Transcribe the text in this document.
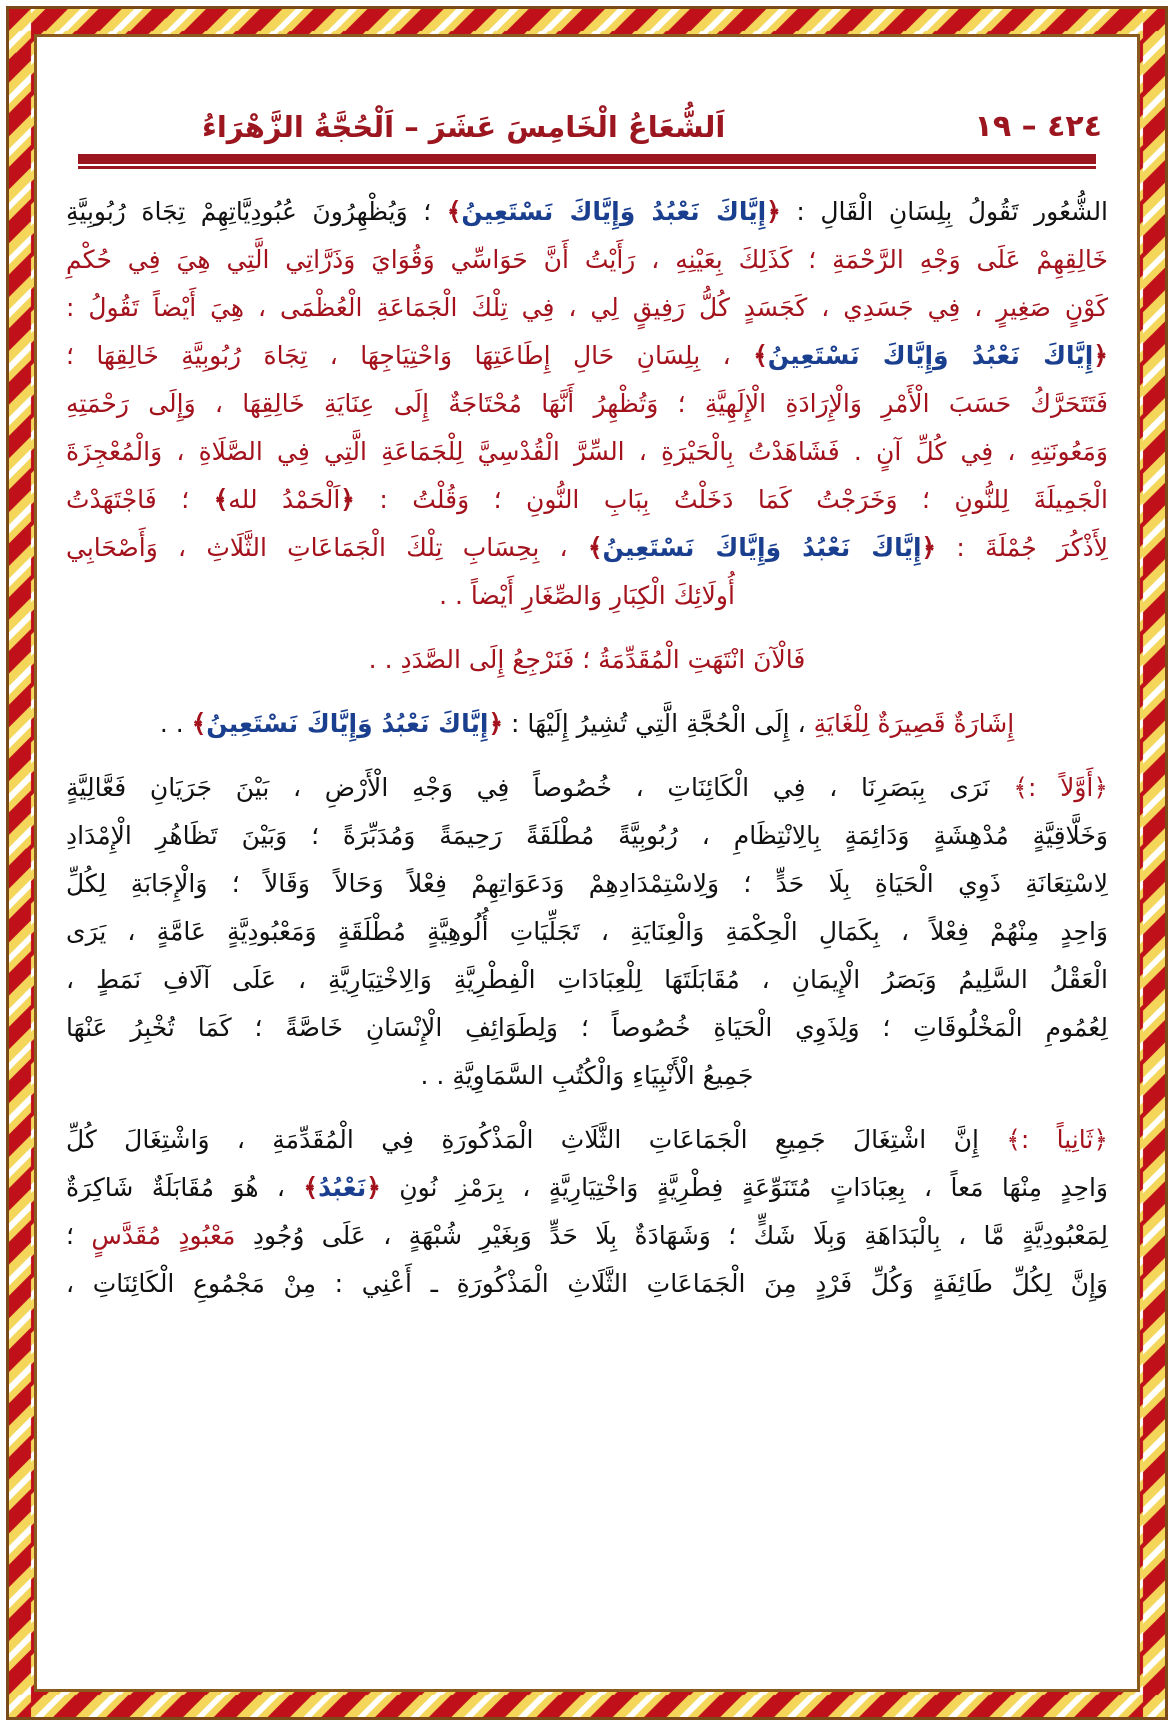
٤٢٤ – ١٩
اَلشُّعَاعُ الْخَامِسَ عَشَرَ – اَلْحُجَّةُ الزَّهْرَاءُ

الشُّعُور تَقُولُ بِلِسَانِ الْقَالِ : ﴿إِيَّاكَ نَعْبُدُ وَإِيَّاكَ نَسْتَعِينُ﴾ ؛ وَيُظْهِرُونَ عُبُودِيَّاتِهِمْ تِجَاهَ رُبُوبِيَّةِ

خَالِقِهِمْ عَلَى وَجْهِ الرَّحْمَةِ ؛ كَذَلِكَ بِعَيْنِهِ ، رَأَيْتُ أَنَّ حَوَاسِّي وَقُوَايَ وَذَرَّاتِي الَّتِي هِيَ فِي حُكْمِ

كَوْنٍ صَغِيرٍ ، فِي جَسَدِي ، كَجَسَدٍ كُلُّ رَفِيقٍ لِي ، فِي تِلْكَ الْجَمَاعَةِ الْعُظْمَى ، هِيَ أَيْضاً تَقُولُ :

﴿إِيَّاكَ نَعْبُدُ وَإِيَّاكَ نَسْتَعِينُ﴾ ، بِلِسَانِ حَالِ إِطَاعَتِهَا وَاحْتِيَاجِهَا ، تِجَاهَ رُبُوبِيَّةِ خَالِقِهَا ؛

فَتَتَحَرَّكُ حَسَبَ الْأَمْرِ وَالْإِرَادَةِ الْإِلَهِيَّةِ ؛ وَتُظْهِرُ أَنَّهَا مُحْتَاجَةٌ إِلَى عِنَايَةِ خَالِقِهَا ، وَإِلَى رَحْمَتِهِ

وَمَعُونَتِهِ ، فِي كُلِّ آنٍ . فَشَاهَدْتُ بِالْحَيْرَةِ ، السِّرَّ الْقُدْسِيَّ لِلْجَمَاعَةِ الَّتِي فِي الصَّلَاةِ ، وَالْمُعْجِزَةَ

الْجَمِيلَةَ لِلنُّونِ ؛ وَخَرَجْتُ كَمَا دَخَلْتُ بِبَابِ النُّونِ ؛ وَقُلْتُ : ﴿اَلْحَمْدُ لله﴾ ؛ فَاجْتَهَدْتُ

لِأَذْكُرَ جُمْلَةَ : ﴿إِيَّاكَ نَعْبُدُ وَإِيَّاكَ نَسْتَعِينُ﴾ ، بِحِسَابِ تِلْكَ الْجَمَاعَاتِ الثَّلَاثِ ، وَأَصْحَابِي

أُولَائِكَ الْكِبَارِ وَالصِّغَارِ أَيْضاً . .

فَالْآنَ انْتَهَتِ الْمُقَدِّمَةُ ؛ فَنَرْجِعُ إِلَى الصَّدَدِ . .

إِشَارَةٌ قَصِيرَةٌ لِلْغَايَةِ ، إِلَى الْحُجَّةِ الَّتِي تُشِيرُ إِلَيْهَا : ﴿إِيَّاكَ نَعْبُدُ وَإِيَّاكَ نَسْتَعِينُ﴾ . .

﴿أَوَّلاً :﴾ نَرَى بِبَصَرِنَا ، فِي الْكَائِنَاتِ ، خُصُوصاً فِي وَجْهِ الْأَرْضِ ، بَيْنَ جَرَيَانِ فَعَّالِيَّةٍ

وَخَلَّاقِيَّةٍ مُدْهِشَةٍ وَدَائِمَةٍ بِالِانْتِظَامِ ، رُبُوبِيَّةً مُطْلَقَةً رَحِيمَةً وَمُدَبِّرَةً ؛ وَبَيْنَ تَظَاهُرِ الْإِمْدَادِ

لِاسْتِعَانَةِ ذَوِي الْحَيَاةِ بِلَا حَدٍّ ؛ وَلِاسْتِمْدَادِهِمْ وَدَعَوَاتِهِمْ فِعْلاً وَحَالاً وَقَالاً ؛ وَالْإِجَابَةِ لِكُلِّ

وَاحِدٍ مِنْهُمْ فِعْلاً ، بِكَمَالِ الْحِكْمَةِ وَالْعِنَايَةِ ، تَجَلِّيَاتِ أُلُوهِيَّةٍ مُطْلَقَةٍ وَمَعْبُودِيَّةٍ عَامَّةٍ ، يَرَى

الْعَقْلُ السَّلِيمُ وَبَصَرُ الْإِيمَانِ ، مُقَابَلَتَهَا لِلْعِبَادَاتِ الْفِطْرِيَّةِ وَالِاخْتِيَارِيَّةِ ، عَلَى آلَافِ نَمَطٍ ،

لِعُمُومِ الْمَخْلُوقَاتِ ؛ وَلِذَوِي الْحَيَاةِ خُصُوصاً ؛ وَلِطَوَائِفِ الْإِنْسَانِ خَاصَّةً ؛ كَمَا تُخْبِرُ عَنْهَا

جَمِيعُ الْأَنْبِيَاءِ وَالْكُتُبِ السَّمَاوِيَّةِ . .

﴿ثَانِياً :﴾ إِنَّ اشْتِغَالَ جَمِيعِ الْجَمَاعَاتِ الثَّلَاثِ الْمَذْكُورَةِ فِي الْمُقَدِّمَةِ ، وَاشْتِغَالَ كُلِّ

وَاحِدٍ مِنْهَا مَعاً ، بِعِبَادَاتٍ مُتَنَوِّعَةٍ فِطْرِيَّةٍ وَاخْتِيَارِيَّةٍ ، بِرَمْزِ نُونِ ﴿نَعْبُدُ﴾ ، هُوَ مُقَابَلَةٌ شَاكِرَةٌ

لِمَعْبُودِيَّةٍ مَّا ، بِالْبَدَاهَةِ وَبِلَا شَكٍّ ؛ وَشَهَادَةٌ بِلَا حَدٍّ وَبِغَيْرِ شُبْهَةٍ ، عَلَى وُجُودِ مَعْبُودٍ مُقَدَّسٍ ؛

وَإِنَّ لِكُلِّ طَائِفَةٍ وَكُلِّ فَرْدٍ مِنَ الْجَمَاعَاتِ الثَّلَاثِ الْمَذْكُورَةِ ـ أَعْنِي : مِنْ مَجْمُوعِ الْكَائِنَاتِ ،
